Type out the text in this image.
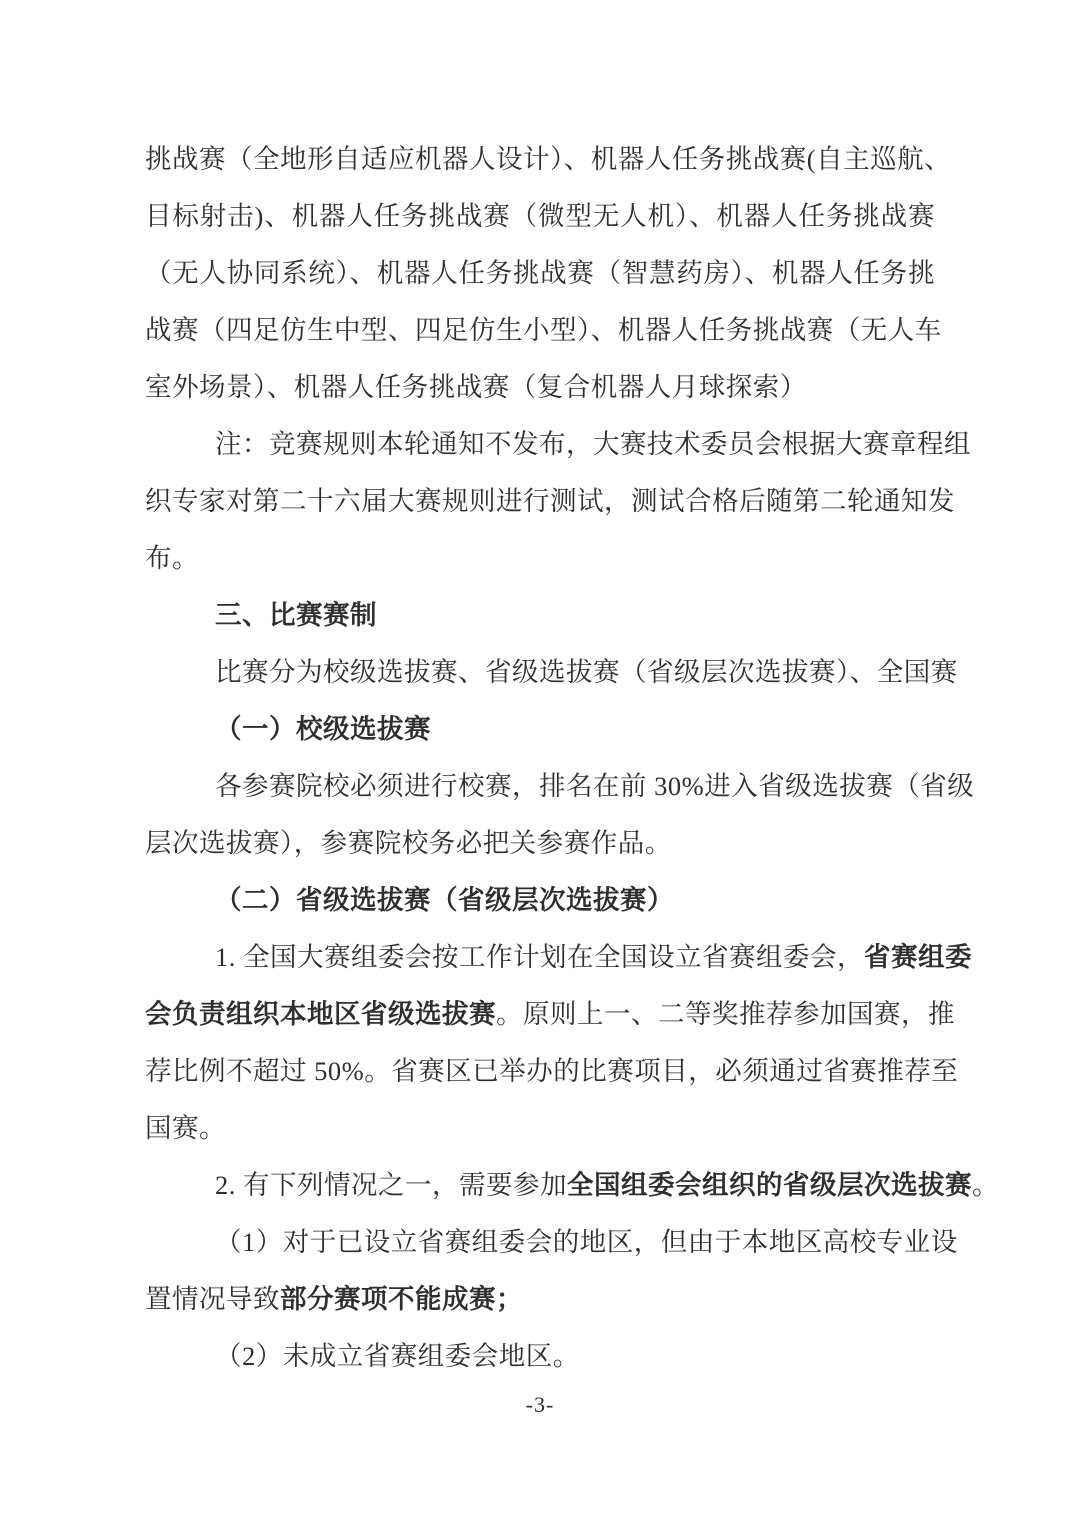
挑战赛（全地形自适应机器人设计）、机器人任务挑战赛(自主巡航、
目标射击)、机器人任务挑战赛（微型无人机）、机器人任务挑战赛
（无人协同系统）、机器人任务挑战赛（智慧药房）、机器人任务挑
战赛（四足仿生中型、四足仿生小型）、机器人任务挑战赛（无人车
室外场景）、机器人任务挑战赛（复合机器人月球探索）
注：竞赛规则本轮通知不发布，大赛技术委员会根据大赛章程组
织专家对第二十六届大赛规则进行测试，测试合格后随第二轮通知发
布。
三、比赛赛制
比赛分为校级选拔赛、省级选拔赛（省级层次选拔赛）、全国赛
（一）校级选拔赛
各参赛院校必须进行校赛，排名在前 30%进入省级选拔赛（省级
层次选拔赛），参赛院校务必把关参赛作品。
（二）省级选拔赛（省级层次选拔赛）
1. 全国大赛组委会按工作计划在全国设立省赛组委会，省赛组委
会负责组织本地区省级选拔赛。原则上一、二等奖推荐参加国赛，推
荐比例不超过 50%。省赛区已举办的比赛项目，必须通过省赛推荐至
国赛。
2. 有下列情况之一，需要参加全国组委会组织的省级层次选拔赛。
（1）对于已设立省赛组委会的地区，但由于本地区高校专业设
置情况导致部分赛项不能成赛；
（2）未成立省赛组委会地区。
-3-
